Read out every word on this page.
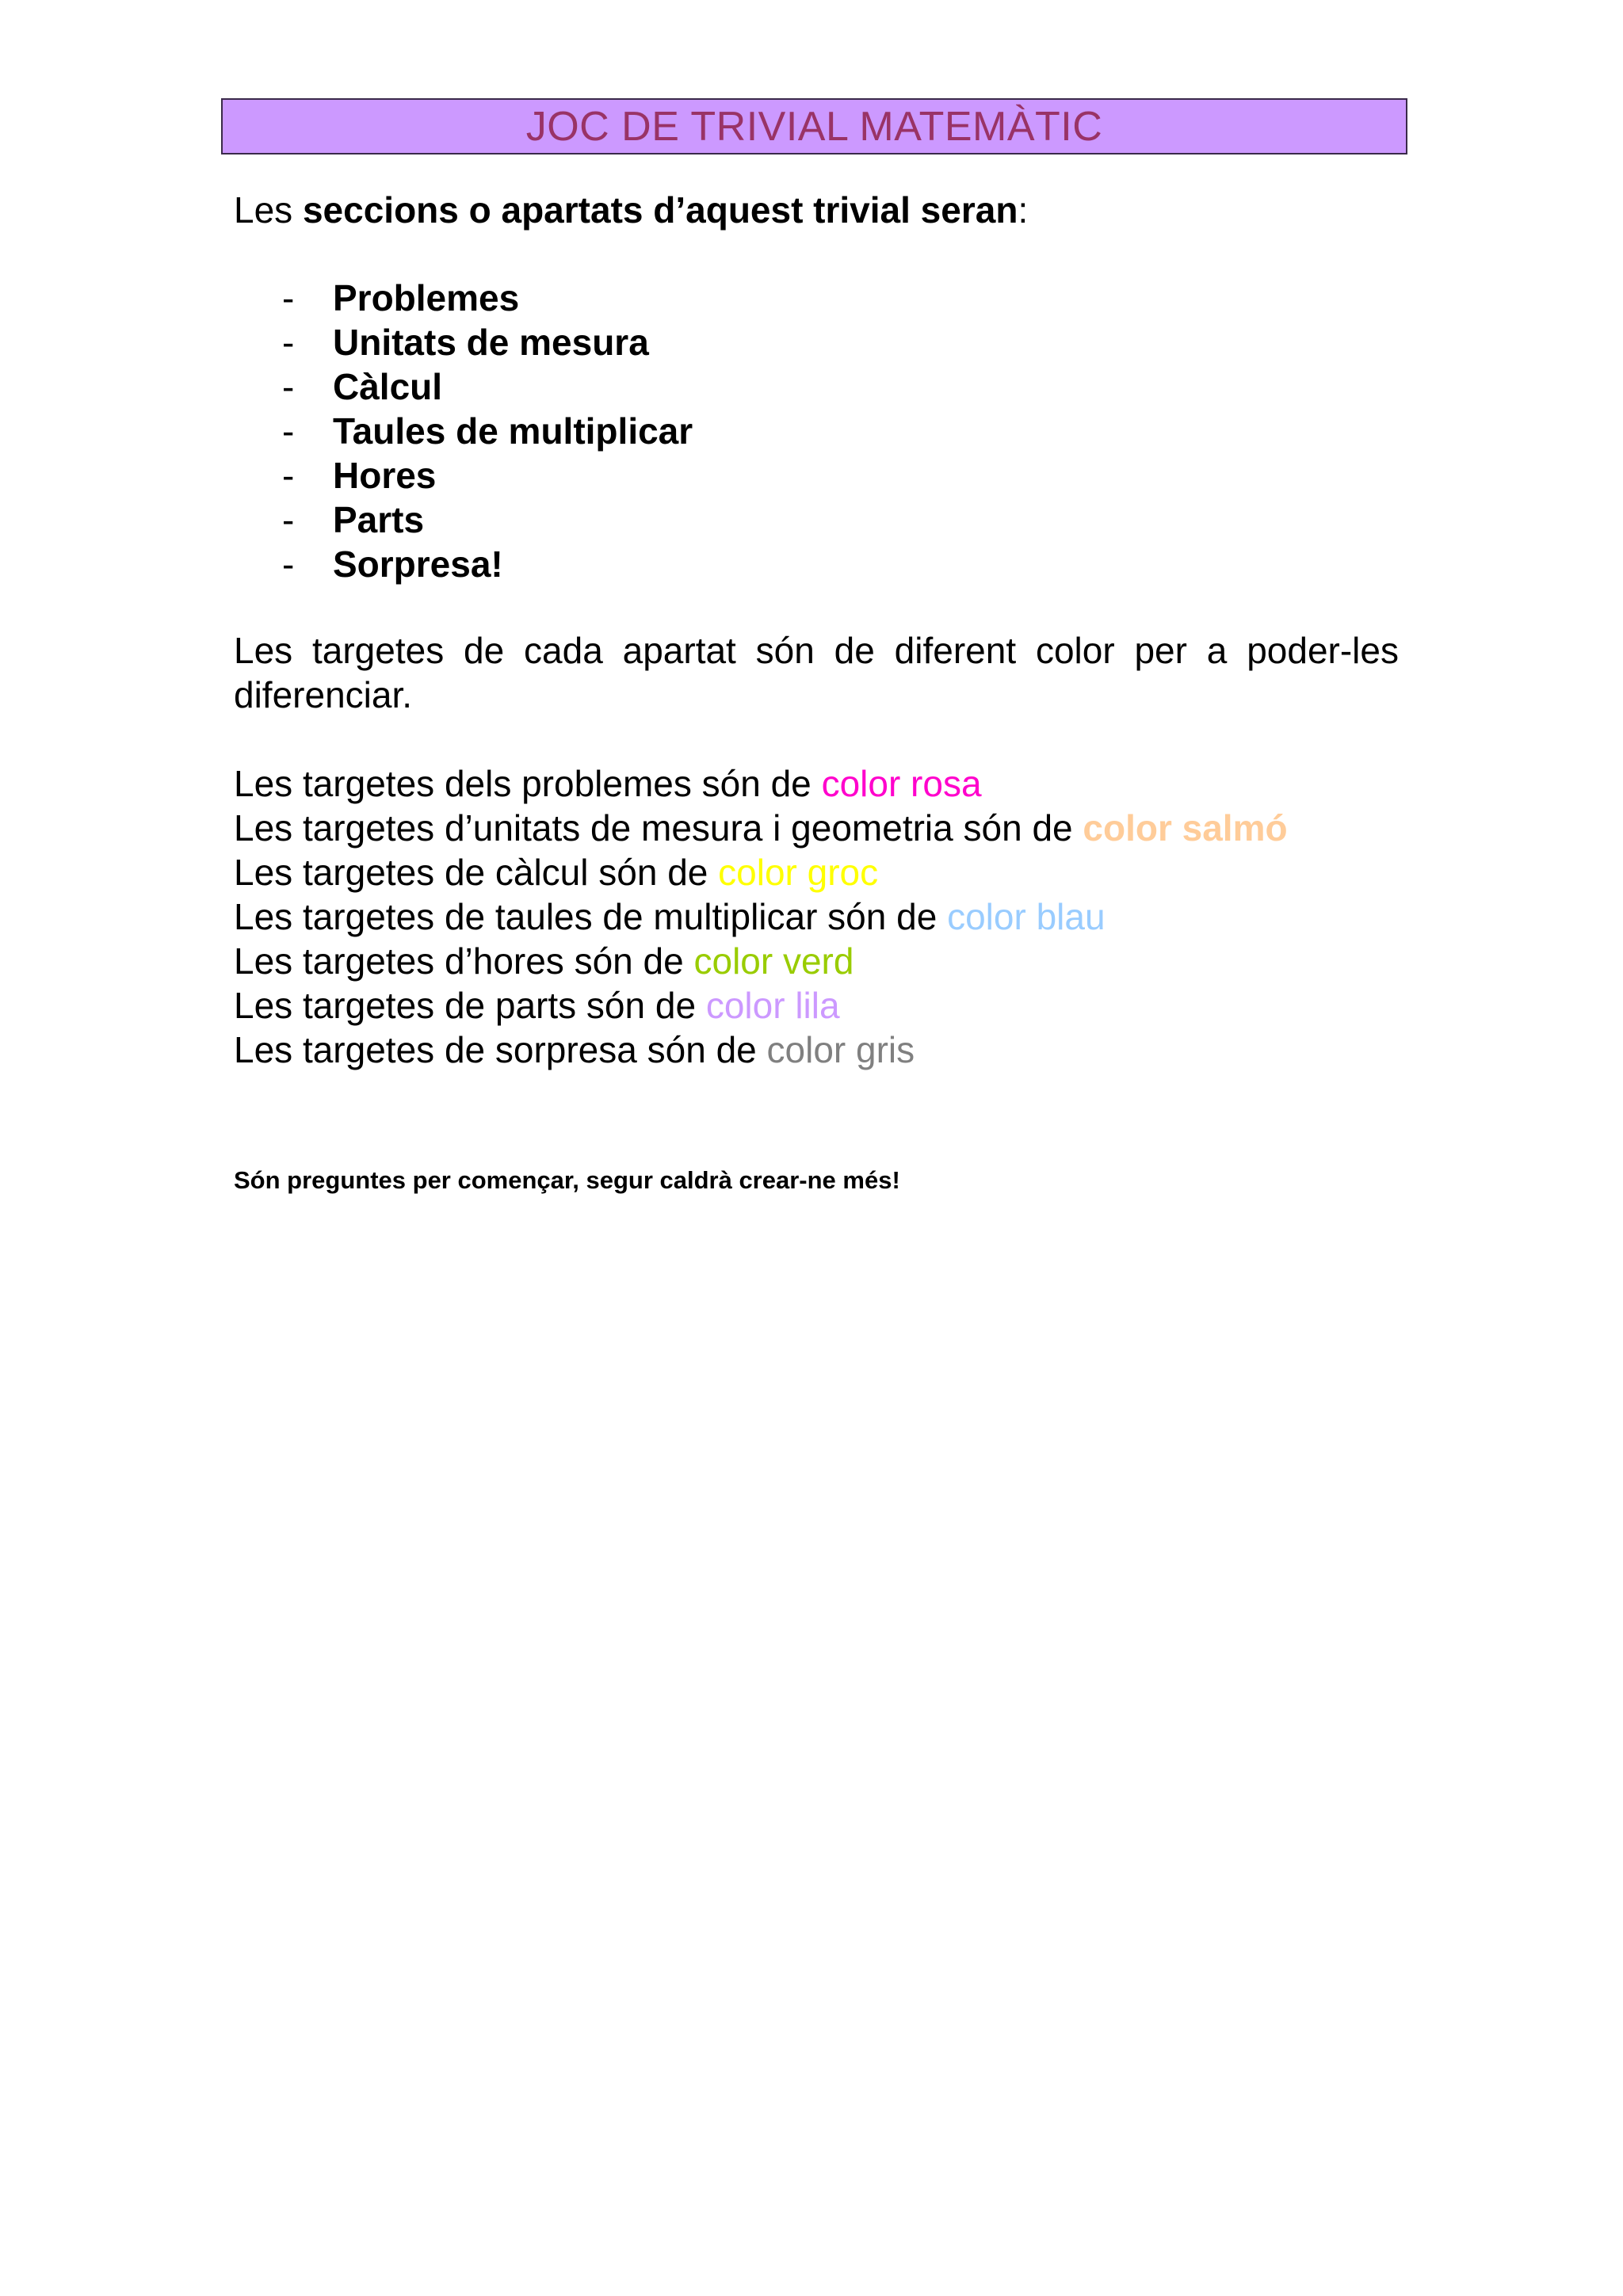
JOC DE TRIVIAL MATEMÀTIC
Les seccions o apartats d’aquest trivial seran:
-	Problemes
-	Unitats de mesura
-	Càlcul
-	Taules de multiplicar
-	Hores
-	Parts
-	Sorpresa!
Les targetes de cada apartat són de diferent color per a poder-les diferenciar.
Les targetes dels problemes són de color rosa
Les targetes d’unitats de mesura i geometria són de color salmó
Les targetes de càlcul són de color groc
Les targetes de taules de multiplicar són de color blau
Les targetes d’hores són de color verd
Les targetes de parts són de color lila
Les targetes de sorpresa són de color gris
Són preguntes per començar, segur caldrà crear-ne més!
